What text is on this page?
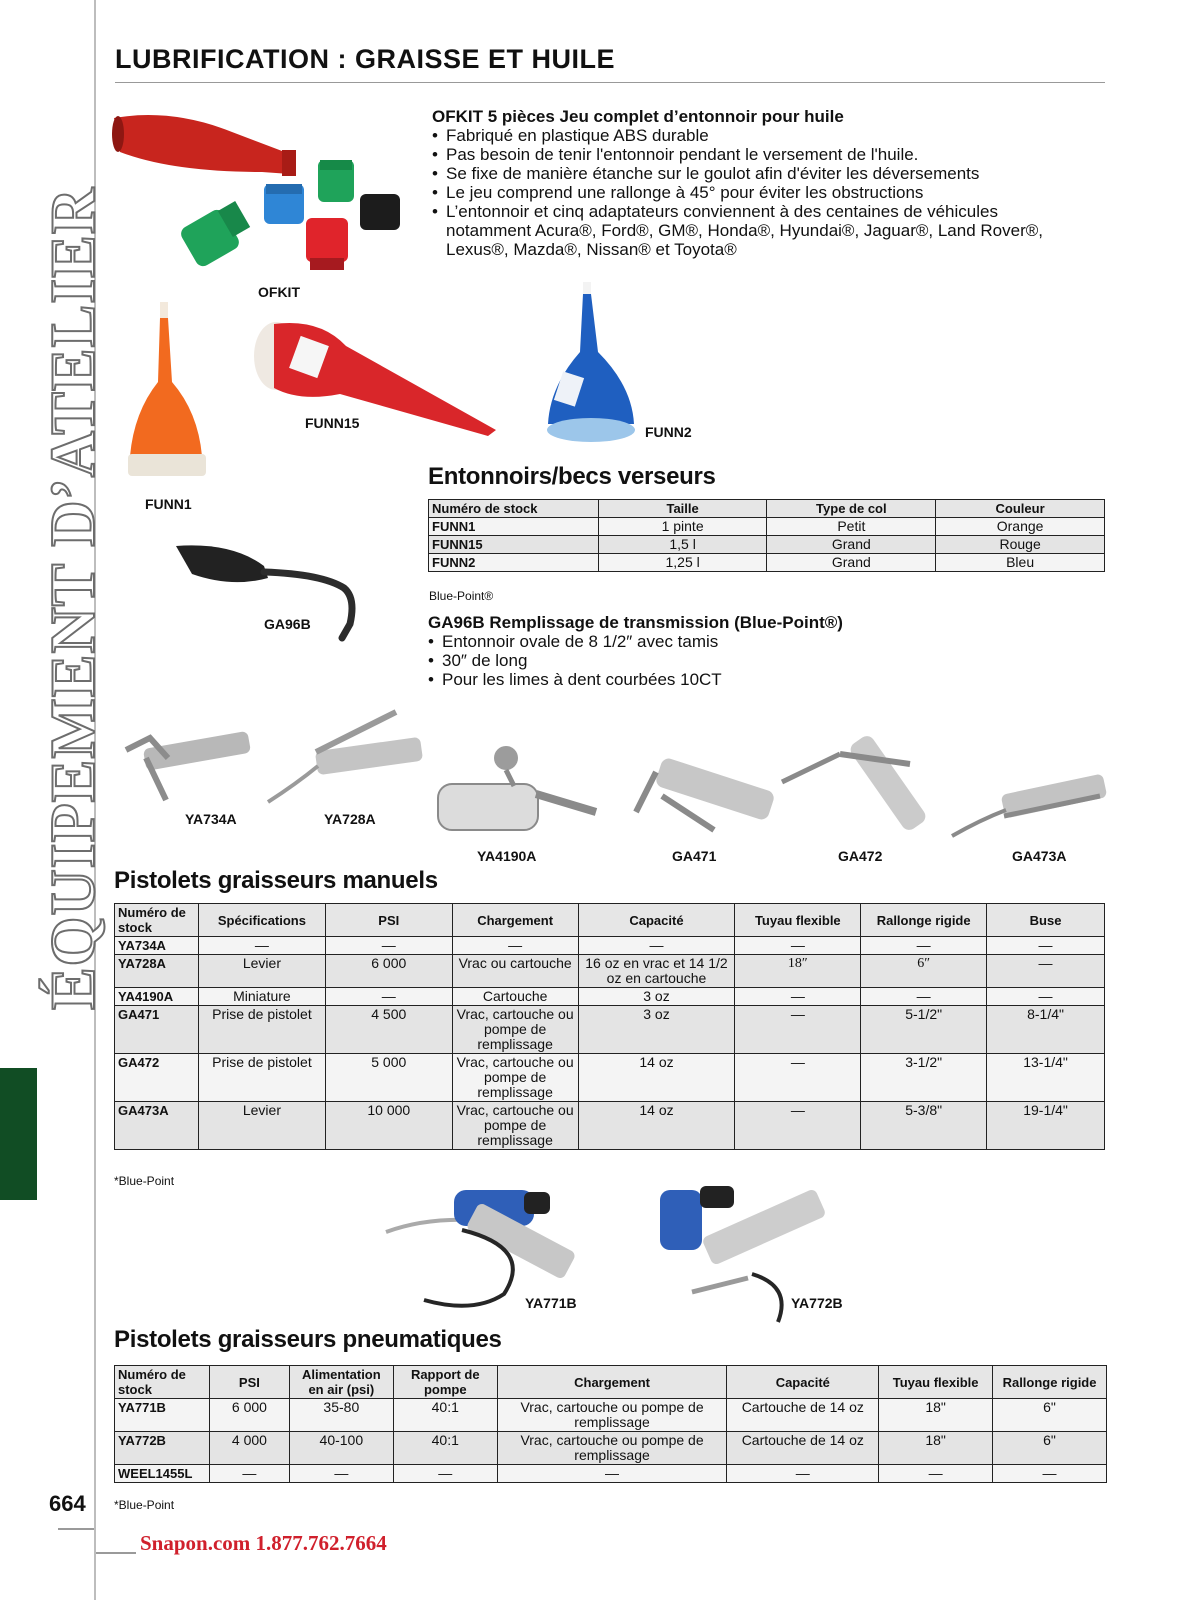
ÉQUIPEMENT D’ATELIER
664
Snapon.com 1.877.762.7664
LUBRIFICATION : GRAISSE ET HUILE
OFKIT
OFKIT 5 pièces Jeu complet d’entonnoir pour huile
• Fabriqué en plastique ABS durable
• Pas besoin de tenir l'entonnoir pendant le versement de l'huile.
• Se fixe de manière étanche sur le goulot afin d'éviter les déversements
• Le jeu comprend une rallonge à 45° pour éviter les obstructions
• L’entonnoir et cinq adaptateurs conviennent à des centaines de véhicules notamment Acura®, Ford®, GM®, Honda®, Hyundai®, Jaguar®, Land Rover®, Lexus®, Mazda®, Nissan® et Toyota®
FUNN1
FUNN15
FUNN2
GA96B
Entonnoirs/becs verseurs
Numéro de stock	Taille	Type de col	Couleur
FUNN1	1 pinte	Petit	Orange
FUNN15	1,5 l	Grand	Rouge
FUNN2	1,25 l	Grand	Bleu
Blue-Point®
GA96B Remplissage de transmission (Blue-Point®)
• Entonnoir ovale de 8 1/2″ avec tamis
• 30″ de long
• Pour les limes à dent courbées 10CT
YA734A	YA728A
YA4190A	GA471	GA472	GA473A
Pistolets graisseurs manuels
Numéro de stock	Spécifications	PSI	Chargement	Capacité	Tuyau flexible	Rallonge rigide	Buse
YA734A	—	—	—	—	—	—	—
YA728A	Levier	6 000	Vrac ou cartouche	16 oz en vrac et 14 1/2 oz en cartouche	18″	6″	—
YA4190A	Miniature	—	Cartouche	3 oz	—	—	—
GA471	Prise de pistolet	4 500	Vrac, cartouche ou pompe de remplissage	3 oz	—	5-1/2"	8-1/4"
GA472	Prise de pistolet	5 000	Vrac, cartouche ou pompe de remplissage	14 oz	—	3-1/2"	13-1/4"
GA473A	Levier	10 000	Vrac, cartouche ou pompe de remplissage	14 oz	—	5-3/8"	19-1/4"
*Blue-Point
YA771B	YA772B
Pistolets graisseurs pneumatiques
Numéro de stock	PSI	Alimentation en air (psi)	Rapport de pompe	Chargement	Capacité	Tuyau flexible	Rallonge rigide
YA771B	6 000	35-80	40:1	Vrac, cartouche ou pompe de remplissage	Cartouche de 14 oz	18"	6"
YA772B	4 000	40-100	40:1	Vrac, cartouche ou pompe de remplissage	Cartouche de 14 oz	18"	6"
WEEL1455L	—	—	—	—	—	—	—
*Blue-Point
